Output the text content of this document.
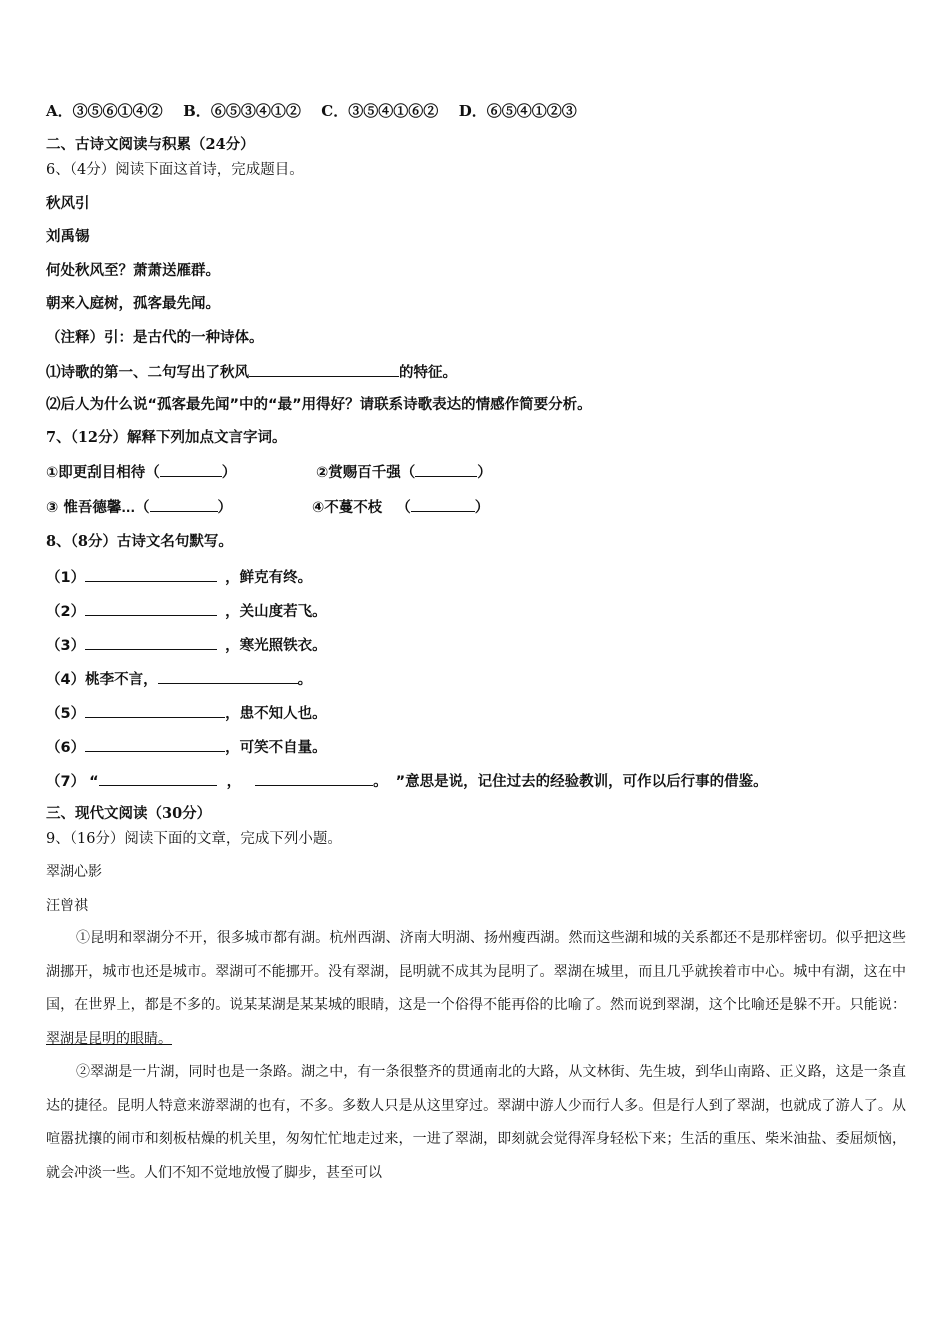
A．③⑤⑥①④② B．⑥⑤③④①② C．③⑤④①⑥② D．⑥⑤④①②③
二、古诗文阅读与积累（24分）
6、（4分）阅读下面这首诗，完成题目。
秋风引
刘禹锡
何处秋风至？萧萧送雁群。
朝来入庭树，孤客最先闻。
（注释）引：是古代的一种诗体。
⑴诗歌的第一、二句写出了秋风	的特征。
⑵后人为什么说“孤客最先闻”中的“最”用得好？请联系诗歌表达的情感作简要分析。
7、（12分）解释下列加点文言字词。
①即更刮目相待（	）	②赏赐百千强（	）
③ 惟吾德馨...（	）	④不蔓不枝 （	）
8、（8分）古诗文名句默写。
（1）	，鲜克有终。
（2）	，关山度若飞。
（3）	，寒光照铁衣。
（4）桃李不言，	。
（5）	，患不知人也。
（6）	，可笑不自量。
（7） “	，	。 ”意思是说，记住过去的经验教训，可作以后行事的借鉴。
三、现代文阅读（30分）
9、（16分）阅读下面的文章，完成下列小题。
翠湖心影
汪曾祺
①昆明和翠湖分不开，很多城市都有湖。杭州西湖、济南大明湖、扬州瘦西湖。然而这些湖和城的关系都还不是那样密切。似乎把这些湖挪开，城市也还是城市。翠湖可不能挪开。没有翠湖，昆明就不成其为昆明了。翠湖在城里，而且几乎就挨着市中心。城中有湖，这在中国，在世界上，都是不多的。说某某湖是某某城的眼睛，这是一个俗得不能再俗的比喻了。然而说到翠湖，这个比喻还是躲不开。只能说：翠湖是昆明的眼睛。
②翠湖是一片湖，同时也是一条路。湖之中，有一条很整齐的贯通南北的大路，从文林街、先生坡，到华山南路、正义路，这是一条直达的捷径。昆明人特意来游翠湖的也有，不多。多数人只是从这里穿过。翠湖中游人少而行人多。但是行人到了翠湖，也就成了游人了。从喧嚣扰攘的闹市和刻板枯燥的机关里，匆匆忙忙地走过来，一进了翠湖，即刻就会觉得浑身轻松下来；生活的重压、柴米油盐、委屈烦恼，就会冲淡一些。人们不知不觉地放慢了脚步，甚至可以
